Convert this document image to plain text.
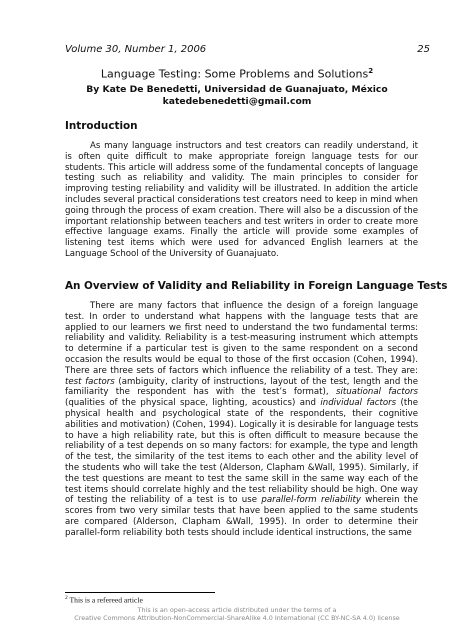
Volume 30, Number 1, 2006	25
Language Testing: Some Problems and Solutions$^2$
By Kate De Benedetti, Universidad de Guanajuato, México
katedebenedetti@gmail.com
Introduction

As many language instructors and test creators can readily understand, it
is often quite difficult to make appropriate foreign language tests for our
students. This article will address some of the fundamental concepts of language
testing such as reliability and validity. The main principles to consider for
improving testing reliability and validity will be illustrated. In addition the article
includes several practical considerations test creators need to keep in mind when
going through the process of exam creation. There will also be a discussion of the
important relationship between teachers and test writers in order to create more
effective language exams. Finally the article will provide some examples of
listening test items which were used for advanced English learners at the
Language School of the University of Guanajuato.

An Overview of Validity and Reliability in Foreign Language Tests

There are many factors that influence the design of a foreign language
test. In order to understand what happens with the language tests that are
applied to our learners we first need to understand the two fundamental terms:
reliability and validity. Reliability is a test-measuring instrument which attempts
to determine if a particular test is given to the same respondent on a second
occasion the results would be equal to those of the first occasion (Cohen, 1994).
There are three sets of factors which influence the reliability of a test. They are:
test factors (ambiguity, clarity of instructions, layout of the test, length and the
familiarity the respondent has with the test’s format), situational factors
(qualities of the physical space, lighting, acoustics) and individual factors (the
physical health and psychological state of the respondents, their cognitive
abilities and motivation) (Cohen, 1994). Logically it is desirable for language tests
to have a high reliability rate, but this is often difficult to measure because the
reliability of a test depends on so many factors: for example, the type and length
of the test, the similarity of the test items to each other and the ability level of
the students who will take the test (Alderson, Clapham &Wall, 1995). Similarly, if
the test questions are meant to test the same skill in the same way each of the
test items should correlate highly and the test reliability should be high. One way
of testing the reliability of a test is to use parallel-form reliability wherein the
scores from two very similar tests that have been applied to the same students
are compared (Alderson, Clapham &Wall, 1995). In order to determine their
parallel-form reliability both tests should include identical instructions, the same

$^2$ This is a refereed article
This is an open-access article distributed under the terms of a
Creative Commons Attribution-NonCommercial-ShareAlike 4.0 International (CC BY-NC-SA 4.0) license
